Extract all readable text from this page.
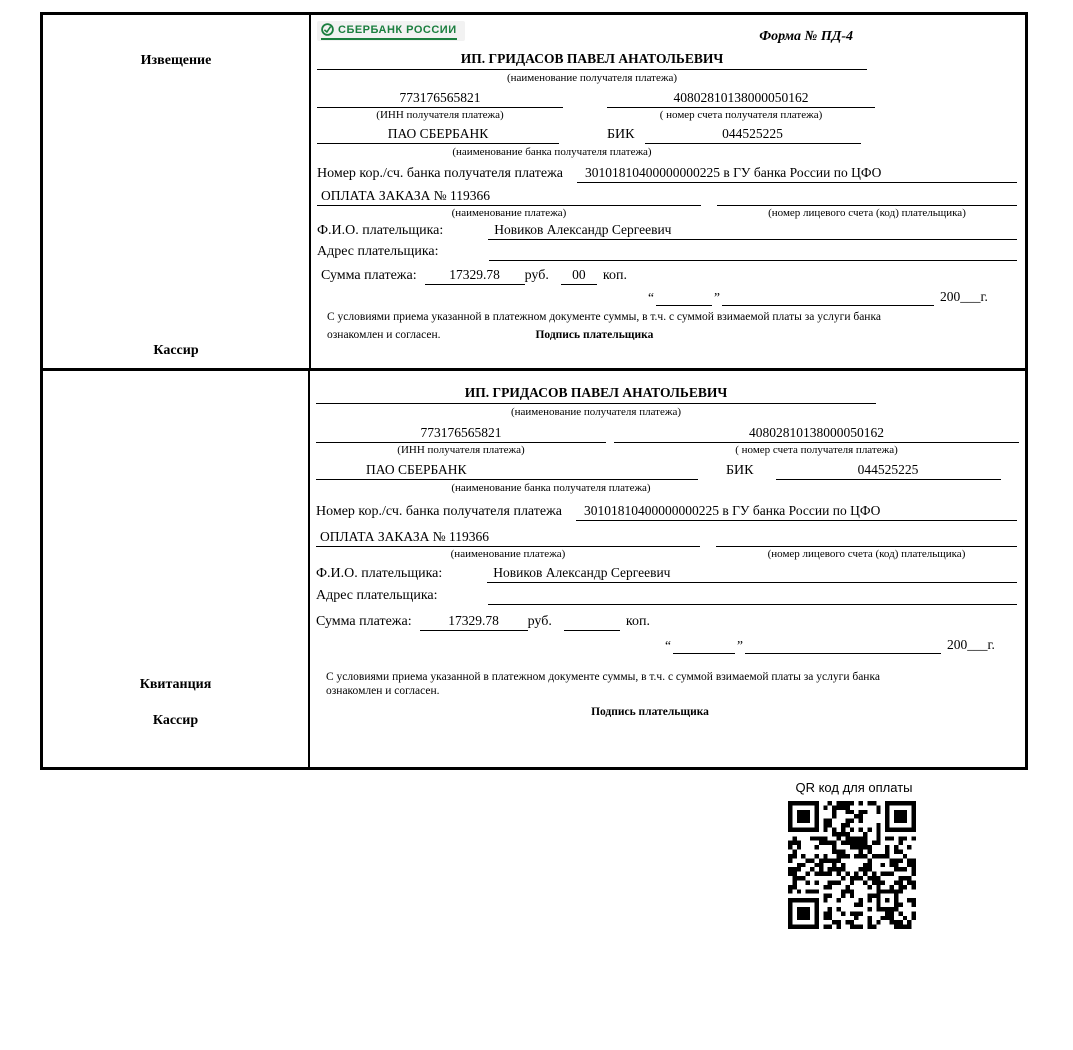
Извещение
Кассир
СБЕРБАНК РОССИИ	Форма № ПД-4
ИП. ГРИДАСОВ ПАВЕЛ АНАТОЛЬЕВИЧ
(наименование получателя платежа)
773176565821	40802810138000050162
(ИНН получателя платежа)	( номер счета получателя платежа)
ПАО СБЕРБАНК	БИК	044525225
(наименование банка получателя платежа)
Номер кор./сч. банка получателя платежа	30101810400000000225 в ГУ банка России по ЦФО
ОПЛАТА ЗАКАЗА № 119366
(наименование платежа)	(номер лицевого счета (код) плательщика)
Ф.И.О. плательщика:	Новиков Александр Сергеевич
Адрес плательщика:
Сумма платежа:	17329.78	руб.	00	коп.
“	”	200___г.
С условиями приема указанной в платежном документе суммы, в т.ч. с суммой взимаемой платы за услуги банка
ознакомлен и согласен.	Подпись плательщика
Квитанция
Кассир
ИП. ГРИДАСОВ ПАВЕЛ АНАТОЛЬЕВИЧ
(наименование получателя платежа)
773176565821	40802810138000050162
(ИНН получателя платежа)	( номер счета получателя платежа)
ПАО СБЕРБАНК	БИК	044525225
(наименование банка получателя платежа)
Номер кор./сч. банка получателя платежа	30101810400000000225 в ГУ банка России по ЦФО
ОПЛАТА ЗАКАЗА № 119366
(наименование платежа)	(номер лицевого счета (код) плательщика)
Ф.И.О. плательщика:	Новиков Александр Сергеевич
Адрес плательщика:
Сумма платежа:	17329.78	руб.	коп.
“	”	200___г.
С условиями приема указанной в платежном документе суммы, в т.ч. с суммой взимаемой платы за услуги банка
ознакомлен и согласен.
Подпись плательщика
QR код для оплаты
